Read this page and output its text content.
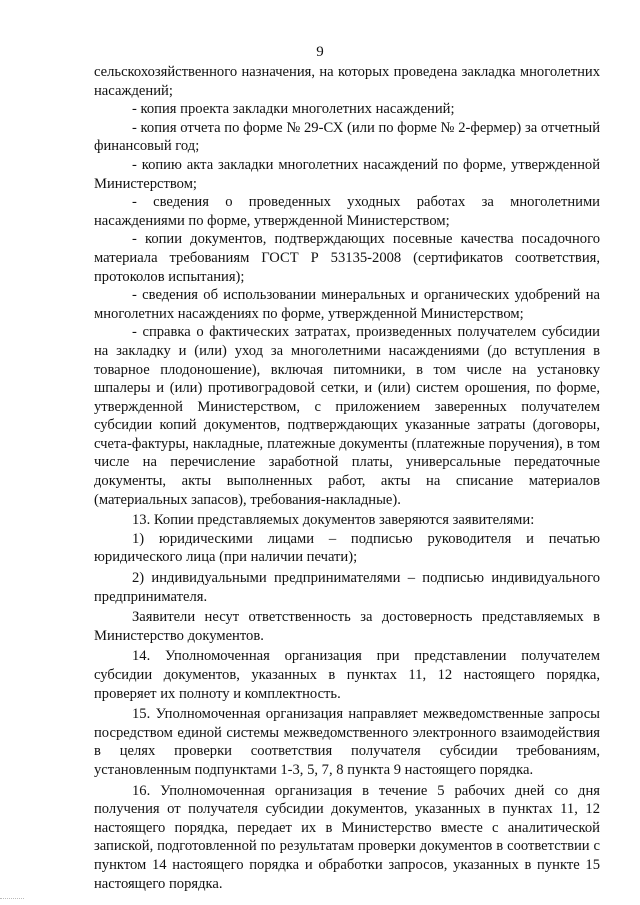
9

сельскохозяйственного назначения, на которых проведена закладка многолетних насаждений;

- копия проекта закладки многолетних насаждений;

- копия отчета по форме № 29-СХ (или по форме № 2-фермер) за отчетный финансовый год;

- копию акта закладки многолетних насаждений по форме, утвержденной Министерством;

- сведения о проведенных уходных работах за многолетними насаждениями по форме, утвержденной Министерством;

- копии документов, подтверждающих посевные качества посадочного материала требованиям ГОСТ Р 53135-2008 (сертификатов соответствия, протоколов испытания);

- сведения об использовании минеральных и органических удобрений на многолетних насаждениях по форме, утвержденной Министерством;

- справка о фактических затратах, произведенных получателем субсидии на закладку и (или) уход за многолетними насаждениями (до вступления в товарное плодоношение), включая питомники, в том числе на установку шпалеры и (или) противоградовой сетки, и (или) систем орошения, по форме, утвержденной Министерством, с приложением заверенных получателем субсидии копий документов, подтверждающих указанные затраты (договоры, счета-фактуры, накладные, платежные документы (платежные поручения), в том числе на перечисление заработной платы, универсальные передаточные документы, акты выполненных работ, акты на списание материалов (материальных запасов), требования-накладные).

13. Копии представляемых документов заверяются заявителями:

1) юридическими лицами – подписью руководителя и печатью юридического лица (при наличии печати);

2) индивидуальными предпринимателями – подписью индивидуального предпринимателя.

Заявители несут ответственность за достоверность представляемых в Министерство документов.

14. Уполномоченная организация при представлении получателем субсидии документов, указанных в пунктах 11, 12 настоящего порядка, проверяет их полноту и комплектность.

15. Уполномоченная организация направляет межведомственные запросы посредством единой системы межведомственного электронного взаимодействия в целях проверки соответствия получателя субсидии требованиям, установленным подпунктами 1-3, 5, 7, 8 пункта 9 настоящего порядка.

16. Уполномоченная организация в течение 5 рабочих дней со дня получения от получателя субсидии документов, указанных в пунктах 11, 12 настоящего порядка, передает их в Министерство вместе с аналитической запиской, подготовленной по результатам проверки документов в соответствии с пунктом 14 настоящего порядка и обработки запросов, указанных в пункте 15 настоящего порядка.
